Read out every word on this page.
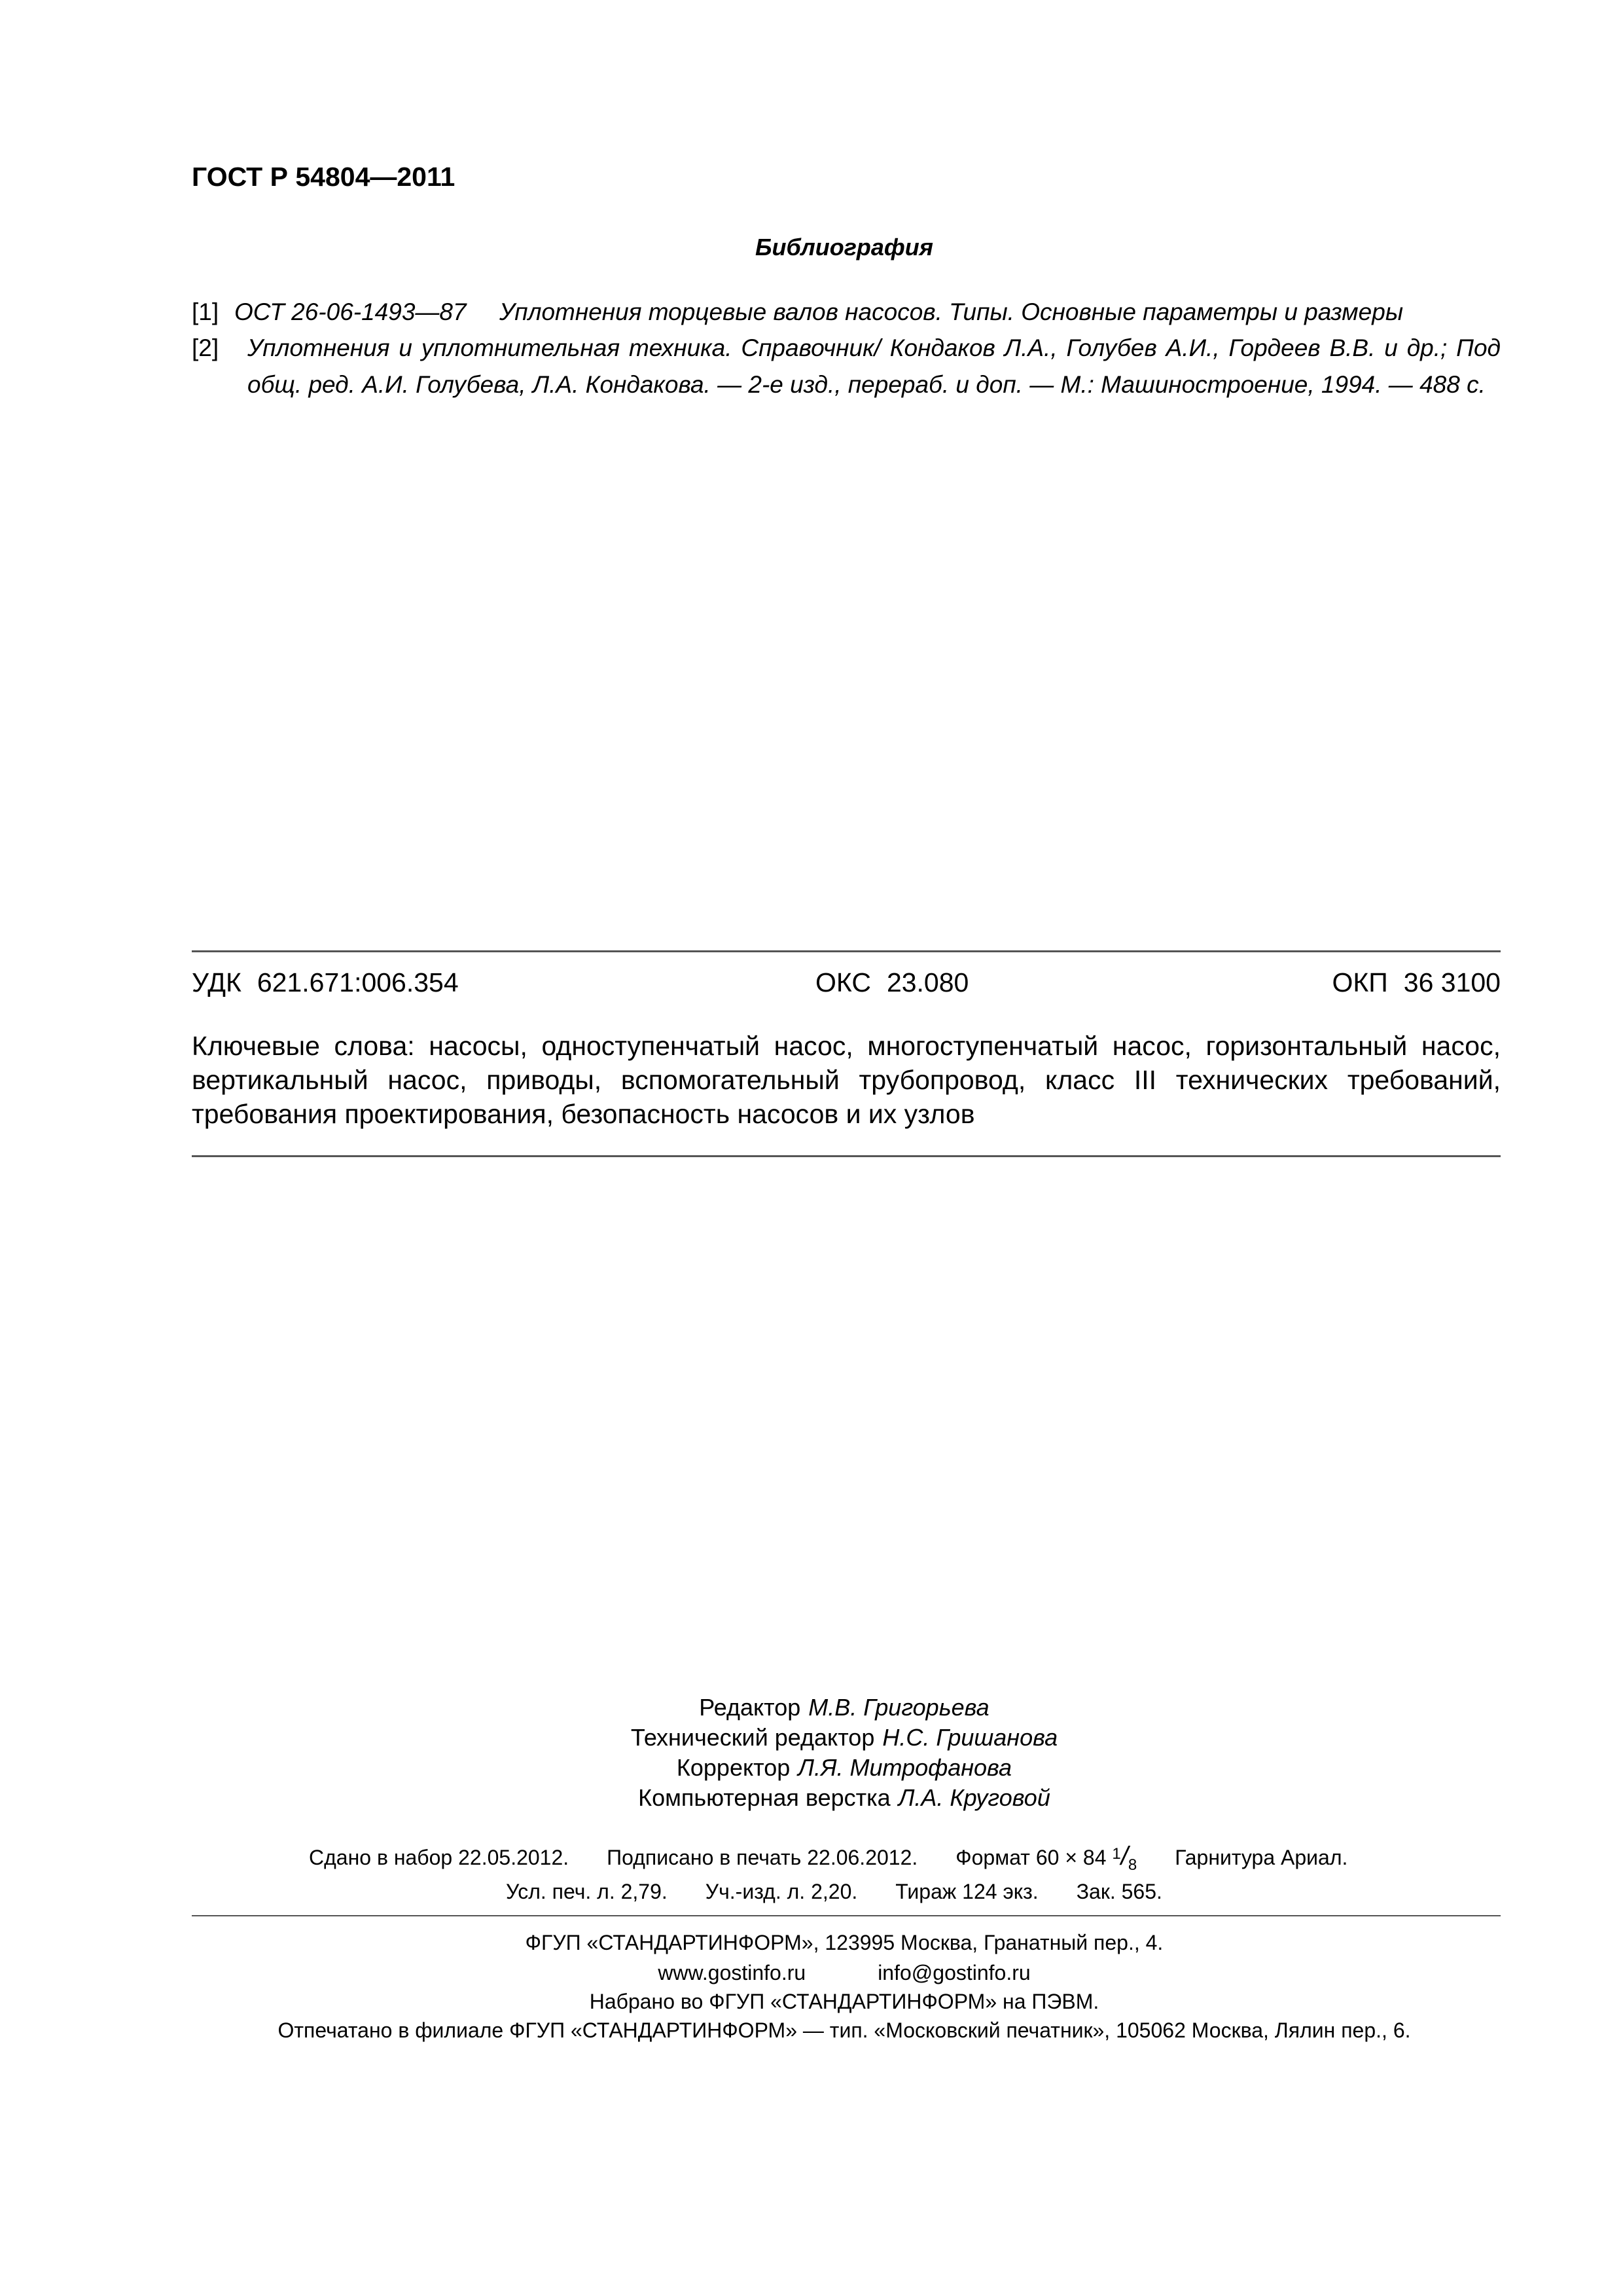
ГОСТ Р 54804—2011
Библиография
[1] ОСТ 26-06-1493—87 Уплотнения торцевые валов насосов. Типы. Основные параметры и размеры
[2] Уплотнения и уплотнительная техника. Справочник/ Кондаков Л.А., Голубев А.И., Гордеев В.В. и др.; Под общ. ред. А.И. Голубева, Л.А. Кондакова. — 2-е изд., перераб. и доп. — М.: Машиностроение, 1994. — 488 с.
УДК 621.671:006.354	ОКС 23.080	ОКП 36 3100
Ключевые слова: насосы, одноступенчатый насос, многоступенчатый насос, горизонтальный насос, вертикальный насос, приводы, вспомогательный трубопровод, класс III технических требований, требования проектирования, безопасность насосов и их узлов
Редактор М.В. Григорьева
Технический редактор Н.С. Гришанова
Корректор Л.Я. Митрофанова
Компьютерная верстка Л.А. Круговой
Сдано в набор 22.05.2012. Подписано в печать 22.06.2012. Формат 60 × 84 $^1/_8$ Гарнитура Ариал.
Усл. печ. л. 2,79. Уч.-изд. л. 2,20. Тираж 124 экз. Зак. 565.
ФГУП «СТАНДАРТИНФОРМ», 123995 Москва, Гранатный пер., 4.
www.gostinfo.ru	info@gostinfo.ru
Набрано во ФГУП «СТАНДАРТИНФОРМ» на ПЭВМ.
Отпечатано в филиале ФГУП «СТАНДАРТИНФОРМ» — тип. «Московский печатник», 105062 Москва, Лялин пер., 6.
